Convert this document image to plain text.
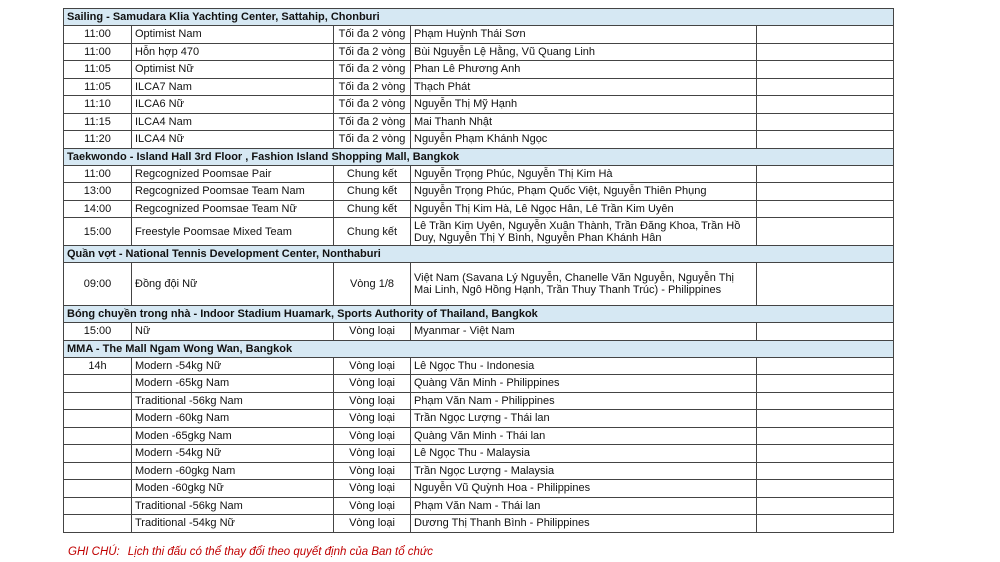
Sailing - Samudara Klia Yachting Center, Sattahip, Chonburi				
11:00	Optimist Nam	Tối đa 2 vòng	Phạm Huỳnh Thái Sơn	
11:00	Hỗn hợp 470	Tối đa 2 vòng	Bùi Nguyễn Lệ Hằng, Vũ Quang Linh	
11:05	Optimist Nữ	Tối đa 2 vòng	Phan Lê Phương Anh	
11:05	ILCA7 Nam	Tối đa 2 vòng	Thạch Phát	
11:10	ILCA6 Nữ	Tối đa 2 vòng	Nguyễn Thị Mỹ Hạnh	
11:15	ILCA4 Nam	Tối đa 2 vòng	Mai Thanh Nhật	
11:20	ILCA4 Nữ	Tối đa 2 vòng	Nguyễn Phạm Khánh Ngọc	
Taekwondo - Island Hall 3rd Floor , Fashion Island Shopping Mall, Bangkok				
11:00	Regcognized Poomsae Pair	Chung kết	Nguyễn Trọng Phúc, Nguyễn Thị Kim Hà	
13:00	Regcognized Poomsae Team Nam	Chung kết	Nguyễn Trọng Phúc, Phạm Quốc Việt, Nguyễn Thiên Phụng	
14:00	Regcognized Poomsae Team Nữ	Chung kết	Nguyễn Thị Kim Hà, Lê Ngọc Hân, Lê Trần Kim Uyên	
15:00	Freestyle Poomsae Mixed Team	Chung kết	Lê Trần Kim Uyên, Nguyễn Xuân Thành, Trần Đăng Khoa, Trần Hồ Duy, Nguyễn Thị Y Bình, Nguyễn Phan Khánh Hân	
Quần vợt - National Tennis Development Center, Nonthaburi				
09:00	Đồng đội Nữ	Vòng 1/8	Việt Nam (Savana Lý Nguyễn, Chanelle Văn Nguyễn, Nguyễn Thị Mai Linh, Ngô Hồng Hạnh, Trần Thuy Thanh Trúc) - Philippines	
Bóng chuyền trong nhà - Indoor Stadium Huamark, Sports Authority of Thailand, Bangkok				
15:00	Nữ	Vòng loại	Myanmar - Việt Nam	
MMA - The Mall Ngam Wong Wan, Bangkok				
14h	Modern -54kg Nữ	Vòng loại	Lê Ngọc Thu - Indonesia	
	Modern -65kg Nam	Vòng loại	Quàng Văn Minh - Philippines	
	Traditional -56kg Nam	Vòng loại	Phạm Văn Nam - Philippines	
	Modern -60kg Nam	Vòng loại	Trần Ngọc Lượng - Thái lan	
	Moden -65gkg Nam	Vòng loại	Quàng Văn Minh - Thái lan	
	Modern -54kg Nữ	Vòng loại	Lê Ngọc Thu - Malaysia	
	Modern -60gkg Nam	Vòng loại	Trần Ngọc Lượng - Malaysia	
	Moden -60gkg Nữ	Vòng loại	Nguyễn Vũ Quỳnh Hoa - Philippines	
	Traditional -56kg Nam	Vòng loại	Phạm Văn Nam - Thái lan	
	Traditional -54kg Nữ	Vòng loại	Dương Thị Thanh Bình - Philippines	
GHI CHÚ: Lịch thi đấu có thể thay đổi theo quyết định của Ban tổ chức
